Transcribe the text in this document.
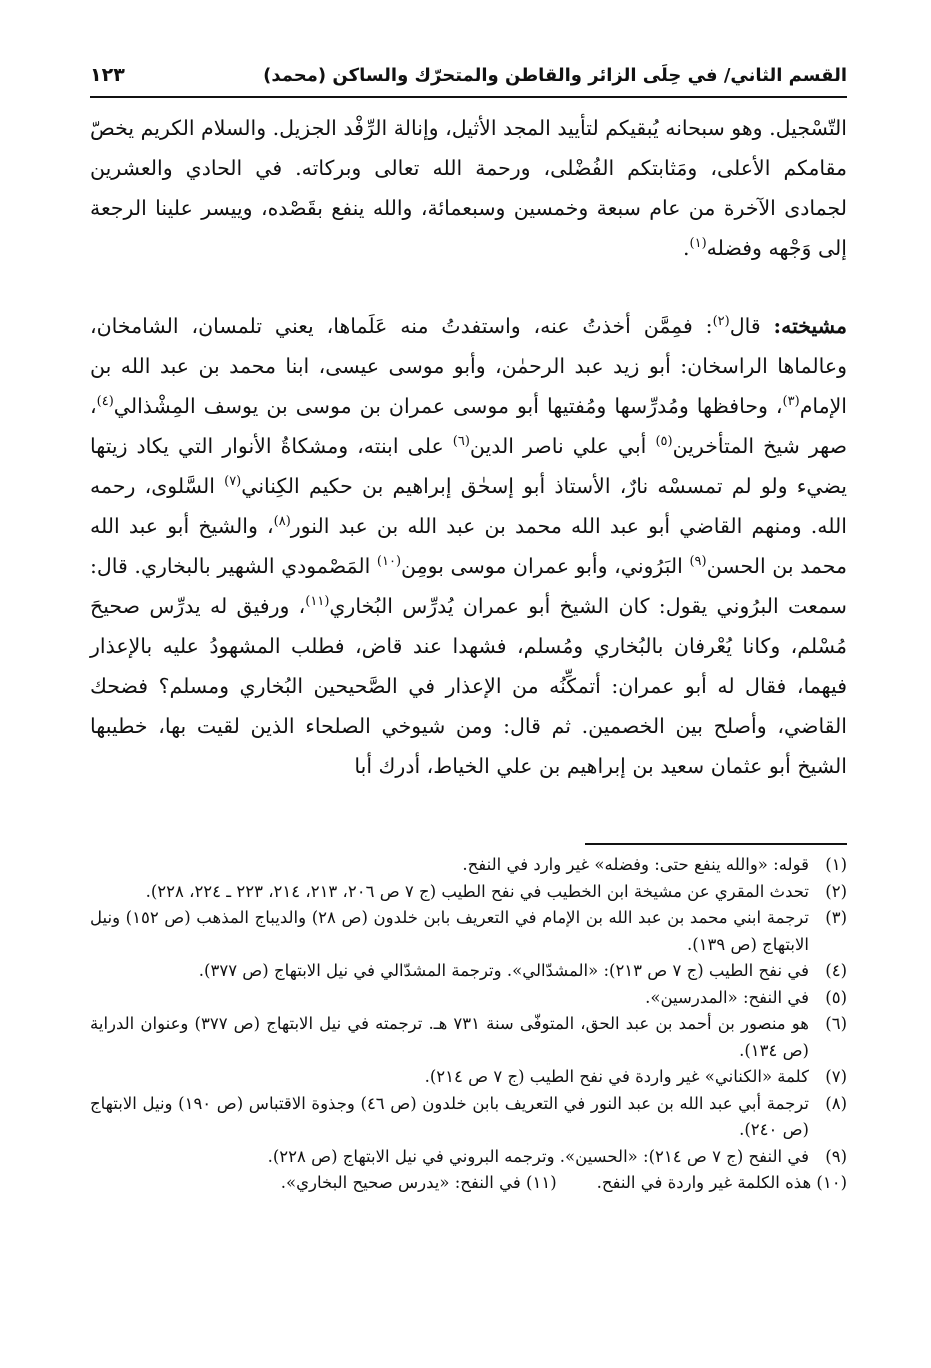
القسم الثاني/ في حِلَى الزائر والقاطن والمتحرّك والساكن (محمد)
١٢٣

التّسْجيل. وهو سبحانه يُبقيكم لتأييد المجد الأثيل، وإنالة الرِّفْد الجزيل. والسلام الكريم يخصّ مقامكم الأعلى، ومَثابتكم الفُضْلى، ورحمة الله تعالى وبركاته. في الحادي والعشرين لجمادى الآخرة من عام سبعة وخمسين وسبعمائة، والله ينفع بقَصْده، وييسر علينا الرجعة إلى وَجْهه وفضله$^{(١)}$.

مشيخته: قال$^{(٢)}$: فمِمَّن أخذتُ عنه، واستفدتُ منه عَلَماها، يعني تلمسان، الشامخان، وعالماها الراسخان: أبو زيد عبد الرحمٰن، وأبو موسى عيسى، ابنا محمد بن عبد الله بن الإمام$^{(٣)}$، وحافظها ومُدرِّسها ومُفتيها أبو موسى عمران بن موسى بن يوسف المِشْذالي$^{(٤)}$، صهر شيخ المتأخرين$^{(٥)}$ أبي علي ناصر الدين$^{(٦)}$ على ابنته، ومشكاةُ الأنوار التي يكاد زيتها يضيء ولو لم تمسسْه نارٌ، الأستاذ أبو إسحٰق إبراهيم بن حكيم الكِناني$^{(٧)}$ السَّلوى، رحمه الله. ومنهم القاضي أبو عبد الله محمد بن عبد الله بن عبد النور$^{(٨)}$، والشيخ أبو عبد الله محمد بن الحسن$^{(٩)}$ البَرُوني، وأبو عمران موسى بومِن$^{(١٠)}$ المَصْمودي الشهير بالبخاري. قال: سمعت البرُوني يقول: كان الشيخ أبو عمران يُدرِّس البُخاري$^{(١١)}$، ورفيق له يدرِّس صحيحَ مُسْلم، وكانا يُعْرفان بالبُخاري ومُسلم، فشهدا عند قاض، فطلب المشهودُ عليه بالإعذار فيهما، فقال له أبو عمران: أتمكِّنُه من الإعذار في الصَّحيحين البُخاري ومسلم؟ فضحك القاضي، وأصلح بين الخصمين. ثم قال: ومن شيوخي الصلحاء الذين لقيت بها، خطيبها الشيخ أبو عثمان سعيد بن إبراهيم بن علي الخياط، أدرك أبا

(١)
قوله: «والله ينفع حتى: وفضله» غير وارد في النفح.
(٢)
تحدث المقري عن مشيخة ابن الخطيب في نفح الطيب (ج ٧ ص ٢٠٦، ٢١٣، ٢١٤، ٢٢٣ ـ ٢٢٤، ٢٢٨).
(٣)
ترجمة ابني محمد بن عبد الله بن الإمام في التعريف بابن خلدون (ص ٢٨) والديباج المذهب (ص ١٥٢) ونيل الابتهاج (ص ١٣٩).
(٤)
في نفح الطيب (ج ٧ ص ٢١٣): «المشدّالي». وترجمة المشدّالي في نيل الابتهاج (ص ٣٧٧).
(٥)
في النفح: «المدرسين».
(٦)
هو منصور بن أحمد بن عبد الحق، المتوفّى سنة ٧٣١ هـ. ترجمته في نيل الابتهاج (ص ٣٧٧) وعنوان الدراية (ص ١٣٤).
(٧)
كلمة «الكناني» غير واردة في نفح الطيب (ج ٧ ص ٢١٤).
(٨)
ترجمة أبي عبد الله بن عبد النور في التعريف بابن خلدون (ص ٤٦) وجذوة الاقتباس (ص ١٩٠) ونيل الابتهاج (ص ٢٤٠).
(٩)
في النفح (ج ٧ ص ٢١٤): «الحسين». وترجمه البروني في نيل الابتهاج (ص ٢٢٨).
(١٠) هذه الكلمة غير واردة في النفح.
(١١) في النفح: «يدرس صحيح البخاري».
